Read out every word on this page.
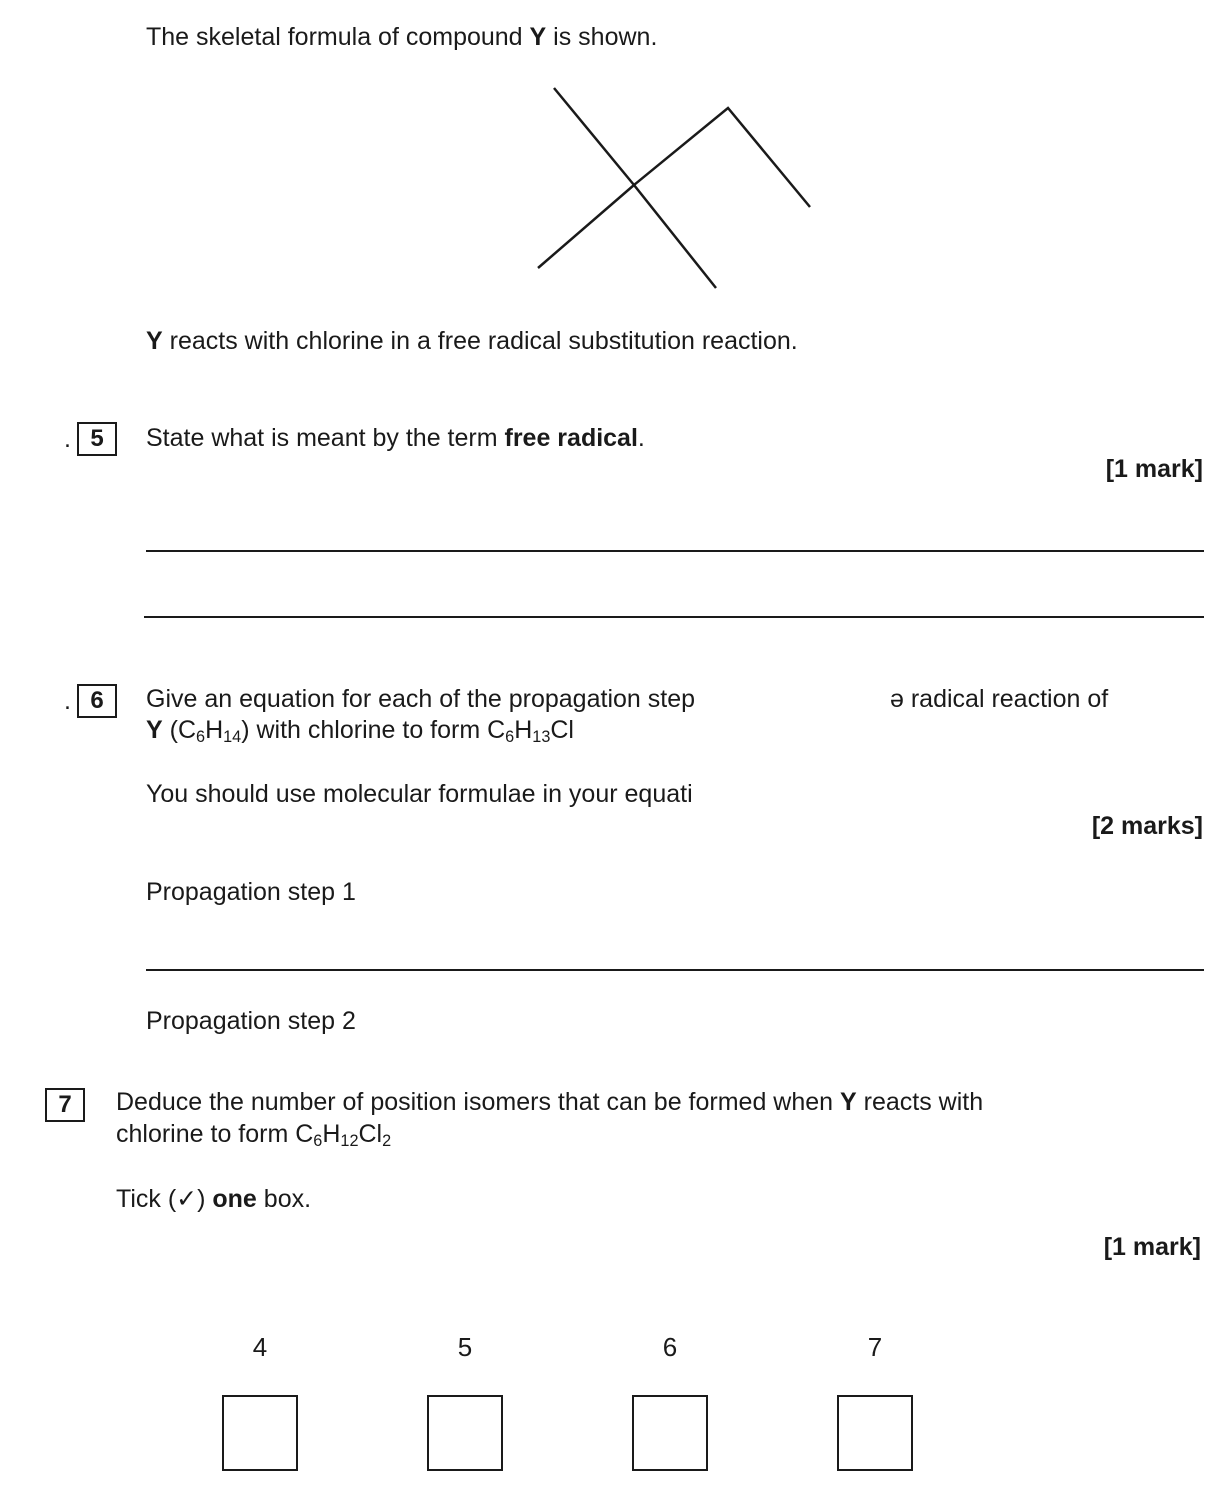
The skeletal formula of compound Y is shown.
Y reacts with chlorine in a free radical substitution reaction.
. 5	State what is meant by the term free radical.
[1 mark]
. 6	Give an equation for each of the propagation step	ə radical reaction of
Y $(C_6H_{14})$ with chlorine to form $C_6H_{13}Cl$
You should use molecular formulae in your equati
[2 marks]
Propagation step 1
Propagation step 2
7	Deduce the number of position isomers that can be formed when Y reacts with
chlorine to form $C_6H_{12}Cl_2$
Tick (✓) one box.
[1 mark]
4	5	6	7
